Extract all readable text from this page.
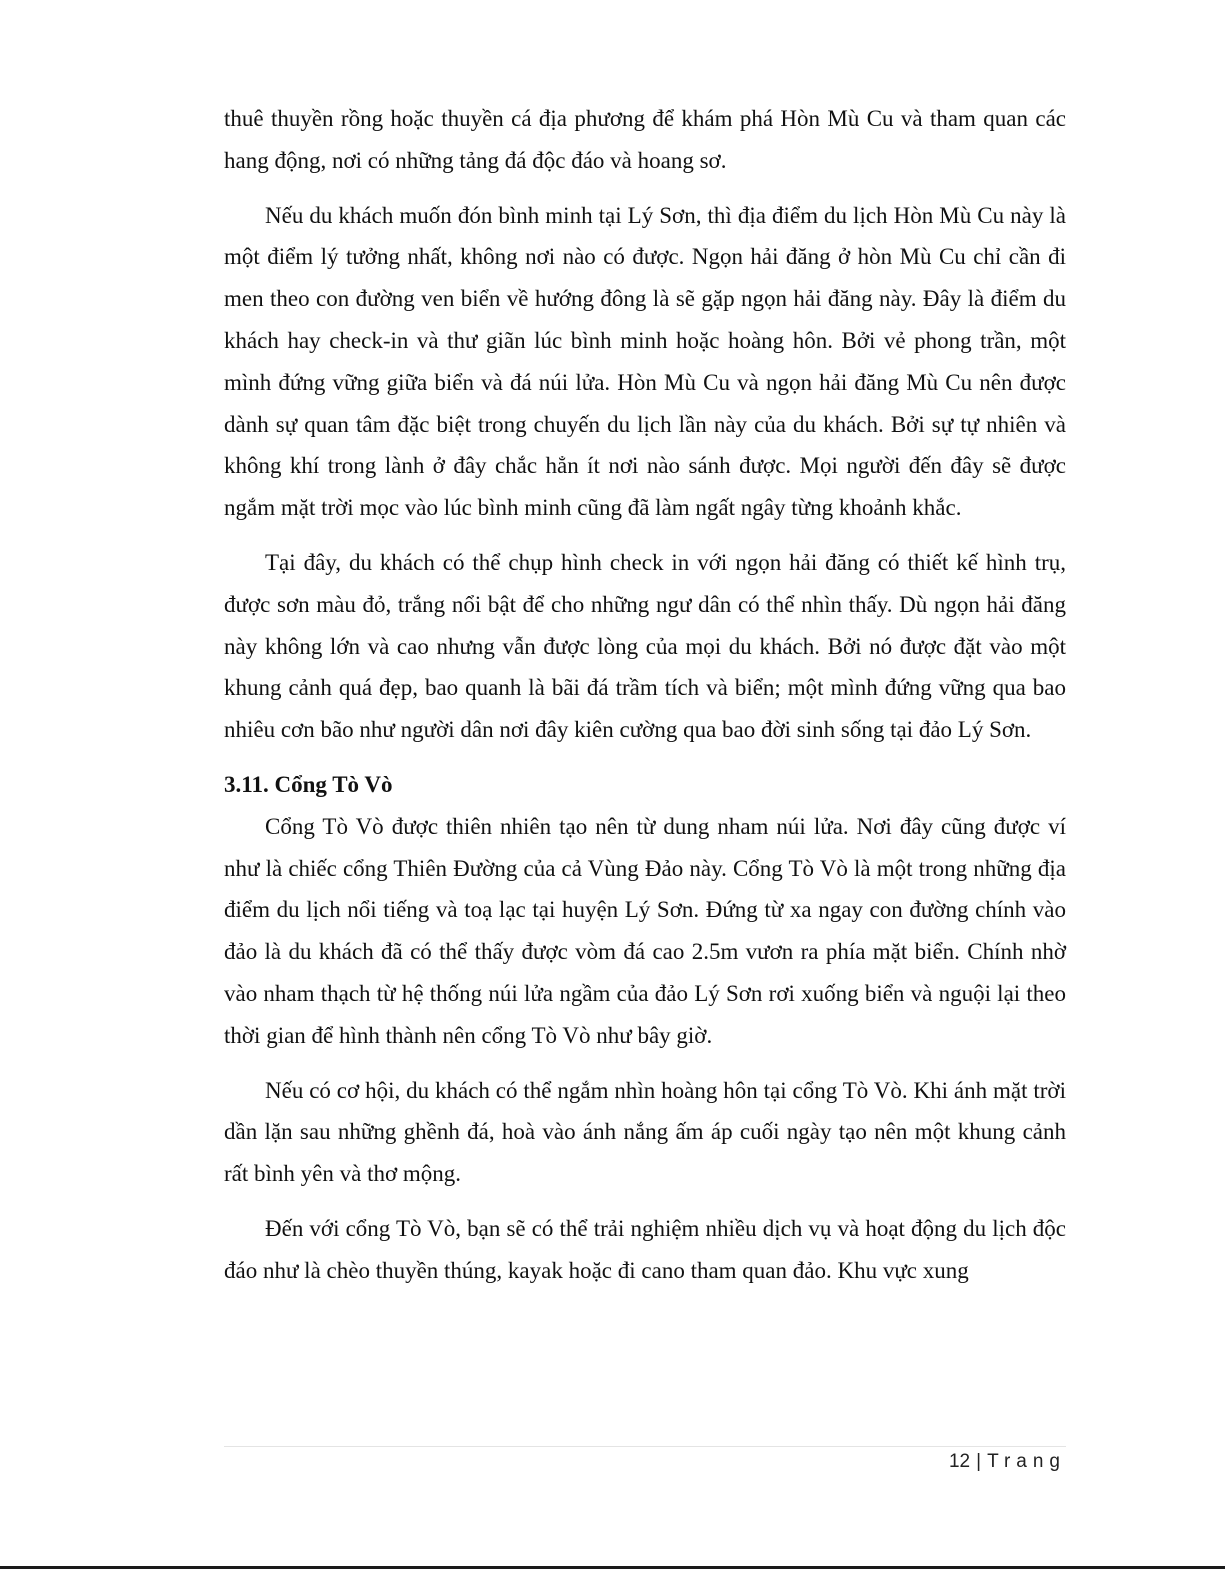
thuê thuyền rồng hoặc thuyền cá địa phương để khám phá Hòn Mù Cu và tham quan các hang động, nơi có những tảng đá độc đáo và hoang sơ.

Nếu du khách muốn đón bình minh tại Lý Sơn, thì địa điểm du lịch Hòn Mù Cu này là một điểm lý tưởng nhất, không nơi nào có được. Ngọn hải đăng ở hòn Mù Cu chỉ cần đi men theo con đường ven biển về hướng đông là sẽ gặp ngọn hải đăng này. Đây là điểm du khách hay check-in và thư giãn lúc bình minh hoặc hoàng hôn. Bởi vẻ phong trần, một mình đứng vững giữa biển và đá núi lửa. Hòn Mù Cu và ngọn hải đăng Mù Cu nên được dành sự quan tâm đặc biệt trong chuyến du lịch lần này của du khách. Bởi sự tự nhiên và không khí trong lành ở đây chắc hẳn ít nơi nào sánh được. Mọi người đến đây sẽ được ngắm mặt trời mọc vào lúc bình minh cũng đã làm ngất ngây từng khoảnh khắc.

Tại đây, du khách có thể chụp hình check in với ngọn hải đăng có thiết kế hình trụ, được sơn màu đỏ, trắng nổi bật để cho những ngư dân có thể nhìn thấy. Dù ngọn hải đăng này không lớn và cao nhưng vẫn được lòng của mọi du khách. Bởi nó được đặt vào một khung cảnh quá đẹp, bao quanh là bãi đá trầm tích và biển; một mình đứng vững qua bao nhiêu cơn bão như người dân nơi đây kiên cường qua bao đời sinh sống tại đảo Lý Sơn.

3.11. Cổng Tò Vò

Cổng Tò Vò được thiên nhiên tạo nên từ dung nham núi lửa. Nơi đây cũng được ví như là chiếc cổng Thiên Đường của cả Vùng Đảo này. Cổng Tò Vò là một trong những địa điểm du lịch nổi tiếng và toạ lạc tại huyện Lý Sơn. Đứng từ xa ngay con đường chính vào đảo là du khách đã có thể thấy được vòm đá cao 2.5m vươn ra phía mặt biển. Chính nhờ vào nham thạch từ hệ thống núi lửa ngầm của đảo Lý Sơn rơi xuống biển và nguội lại theo thời gian để hình thành nên cổng Tò Vò như bây giờ.

Nếu có cơ hội, du khách có thể ngắm nhìn hoàng hôn tại cổng Tò Vò. Khi ánh mặt trời dần lặn sau những ghềnh đá, hoà vào ánh nắng ấm áp cuối ngày tạo nên một khung cảnh rất bình yên và thơ mộng.

Đến với cổng Tò Vò, bạn sẽ có thể trải nghiệm nhiều dịch vụ và hoạt động du lịch độc đáo như là chèo thuyền thúng, kayak hoặc đi cano tham quan đảo. Khu vực xung

12 | Trang
